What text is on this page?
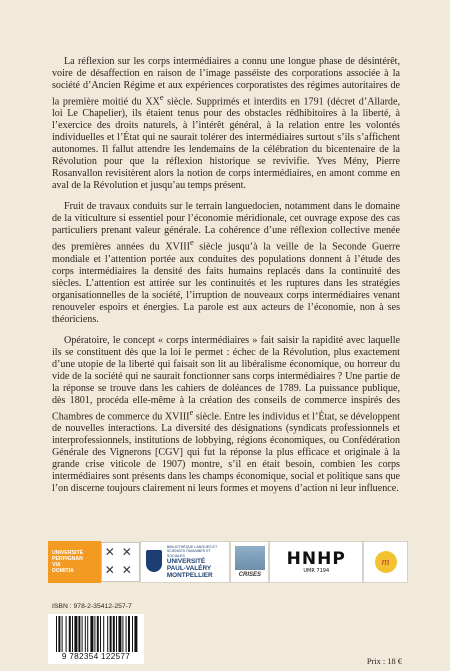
La réflexion sur les corps intermédiaires a connu une longue phase de désintérêt, voire de désaffection en raison de l’image passéiste des corporations associée à la société d’Ancien Régime et aux expériences corporatistes des régimes autoritaires de la première moitié du XXe siècle. Supprimés et interdits en 1791 (décret d’Allarde, loi Le Chapelier), ils étaient tenus pour des obstacles rédhibitoires à la liberté, à l’exercice des droits naturels, à l’intérêt général, à la relation entre les volontés individuelles et l’État qui ne saurait tolérer des intermédiaires surtout s’ils s’affichent autonomes. Il fallut attendre les lendemains de la célébration du bicentenaire de la Révolution pour que la réflexion historique se revivifie. Yves Mény, Pierre Rosanvallon revisitèrent alors la notion de corps intermédiaires, en amont comme en aval de la Révolution et jusqu’au temps présent.

Fruit de travaux conduits sur le terrain languedocien, notamment dans le domaine de la viticulture si essentiel pour l’économie méridionale, cet ouvrage expose des cas particuliers prenant valeur générale. La cohérence d’une réflexion collective menée des premières années du XVIIIe siècle jusqu’à la veille de la Seconde Guerre mondiale et l’attention portée aux conduites des populations donnent à l’étude des corps intermédiaires la densité des faits humains replacés dans la continuité des siècles. L’attention est attirée sur les continuités et les ruptures dans les stratégies organisationnelles de la société, l’irruption de nouveaux corps intermédiaires venant renouveler espoirs et énergies. La parole est aux acteurs de l’économie, non à ses théoriciens.

Opératoire, le concept « corps intermédiaires » fait saisir la rapidité avec laquelle ils se constituent dès que la loi le permet : échec de la Révolution, plus exactement d’une utopie de la liberté qui faisait son lit au libéralisme économique, ou horreur du vide de la société qui ne saurait fonctionner sans corps intermédiaires ? Une partie de la réponse se trouve dans les cahiers de doléances de 1789. La puissance publique, dès 1801, procéda elle-même à la création des conseils de commerce inspirés des Chambres de commerce du XVIIIe siècle. Entre les individus et l’État, se développent de nouvelles interactions. La diversité des désignations (syndicats professionnels et interprofessionnels, institutions de lobbying, régions économiques, ou Confédération Générale des Vignerons [CGV] qui fut la réponse la plus efficace et originale à la grande crise viticole de 1907) montre, s’il en était besoin, combien les corps intermédiaires sont présents dans les champs économique, social et politique sans que l’on discerne toujours clairement ni leurs formes et moyens d’action ni leur influence.

UNIVERSITÉ
PERPIGNAN
VIA
DOMITIA
✕ ✕
✕ ✕
BIBLIOTHÈQUE LANGUES ET SCIENCES HUMAINES ET SOCIALES
UNIVERSITÉ
PAUL-VALÉRY
MONTPELLIER	CRISES
HNHP
UMR 7194
m
ISBN : 978-2-35412-257-7
9 782354 122577
Prix : 18 €
